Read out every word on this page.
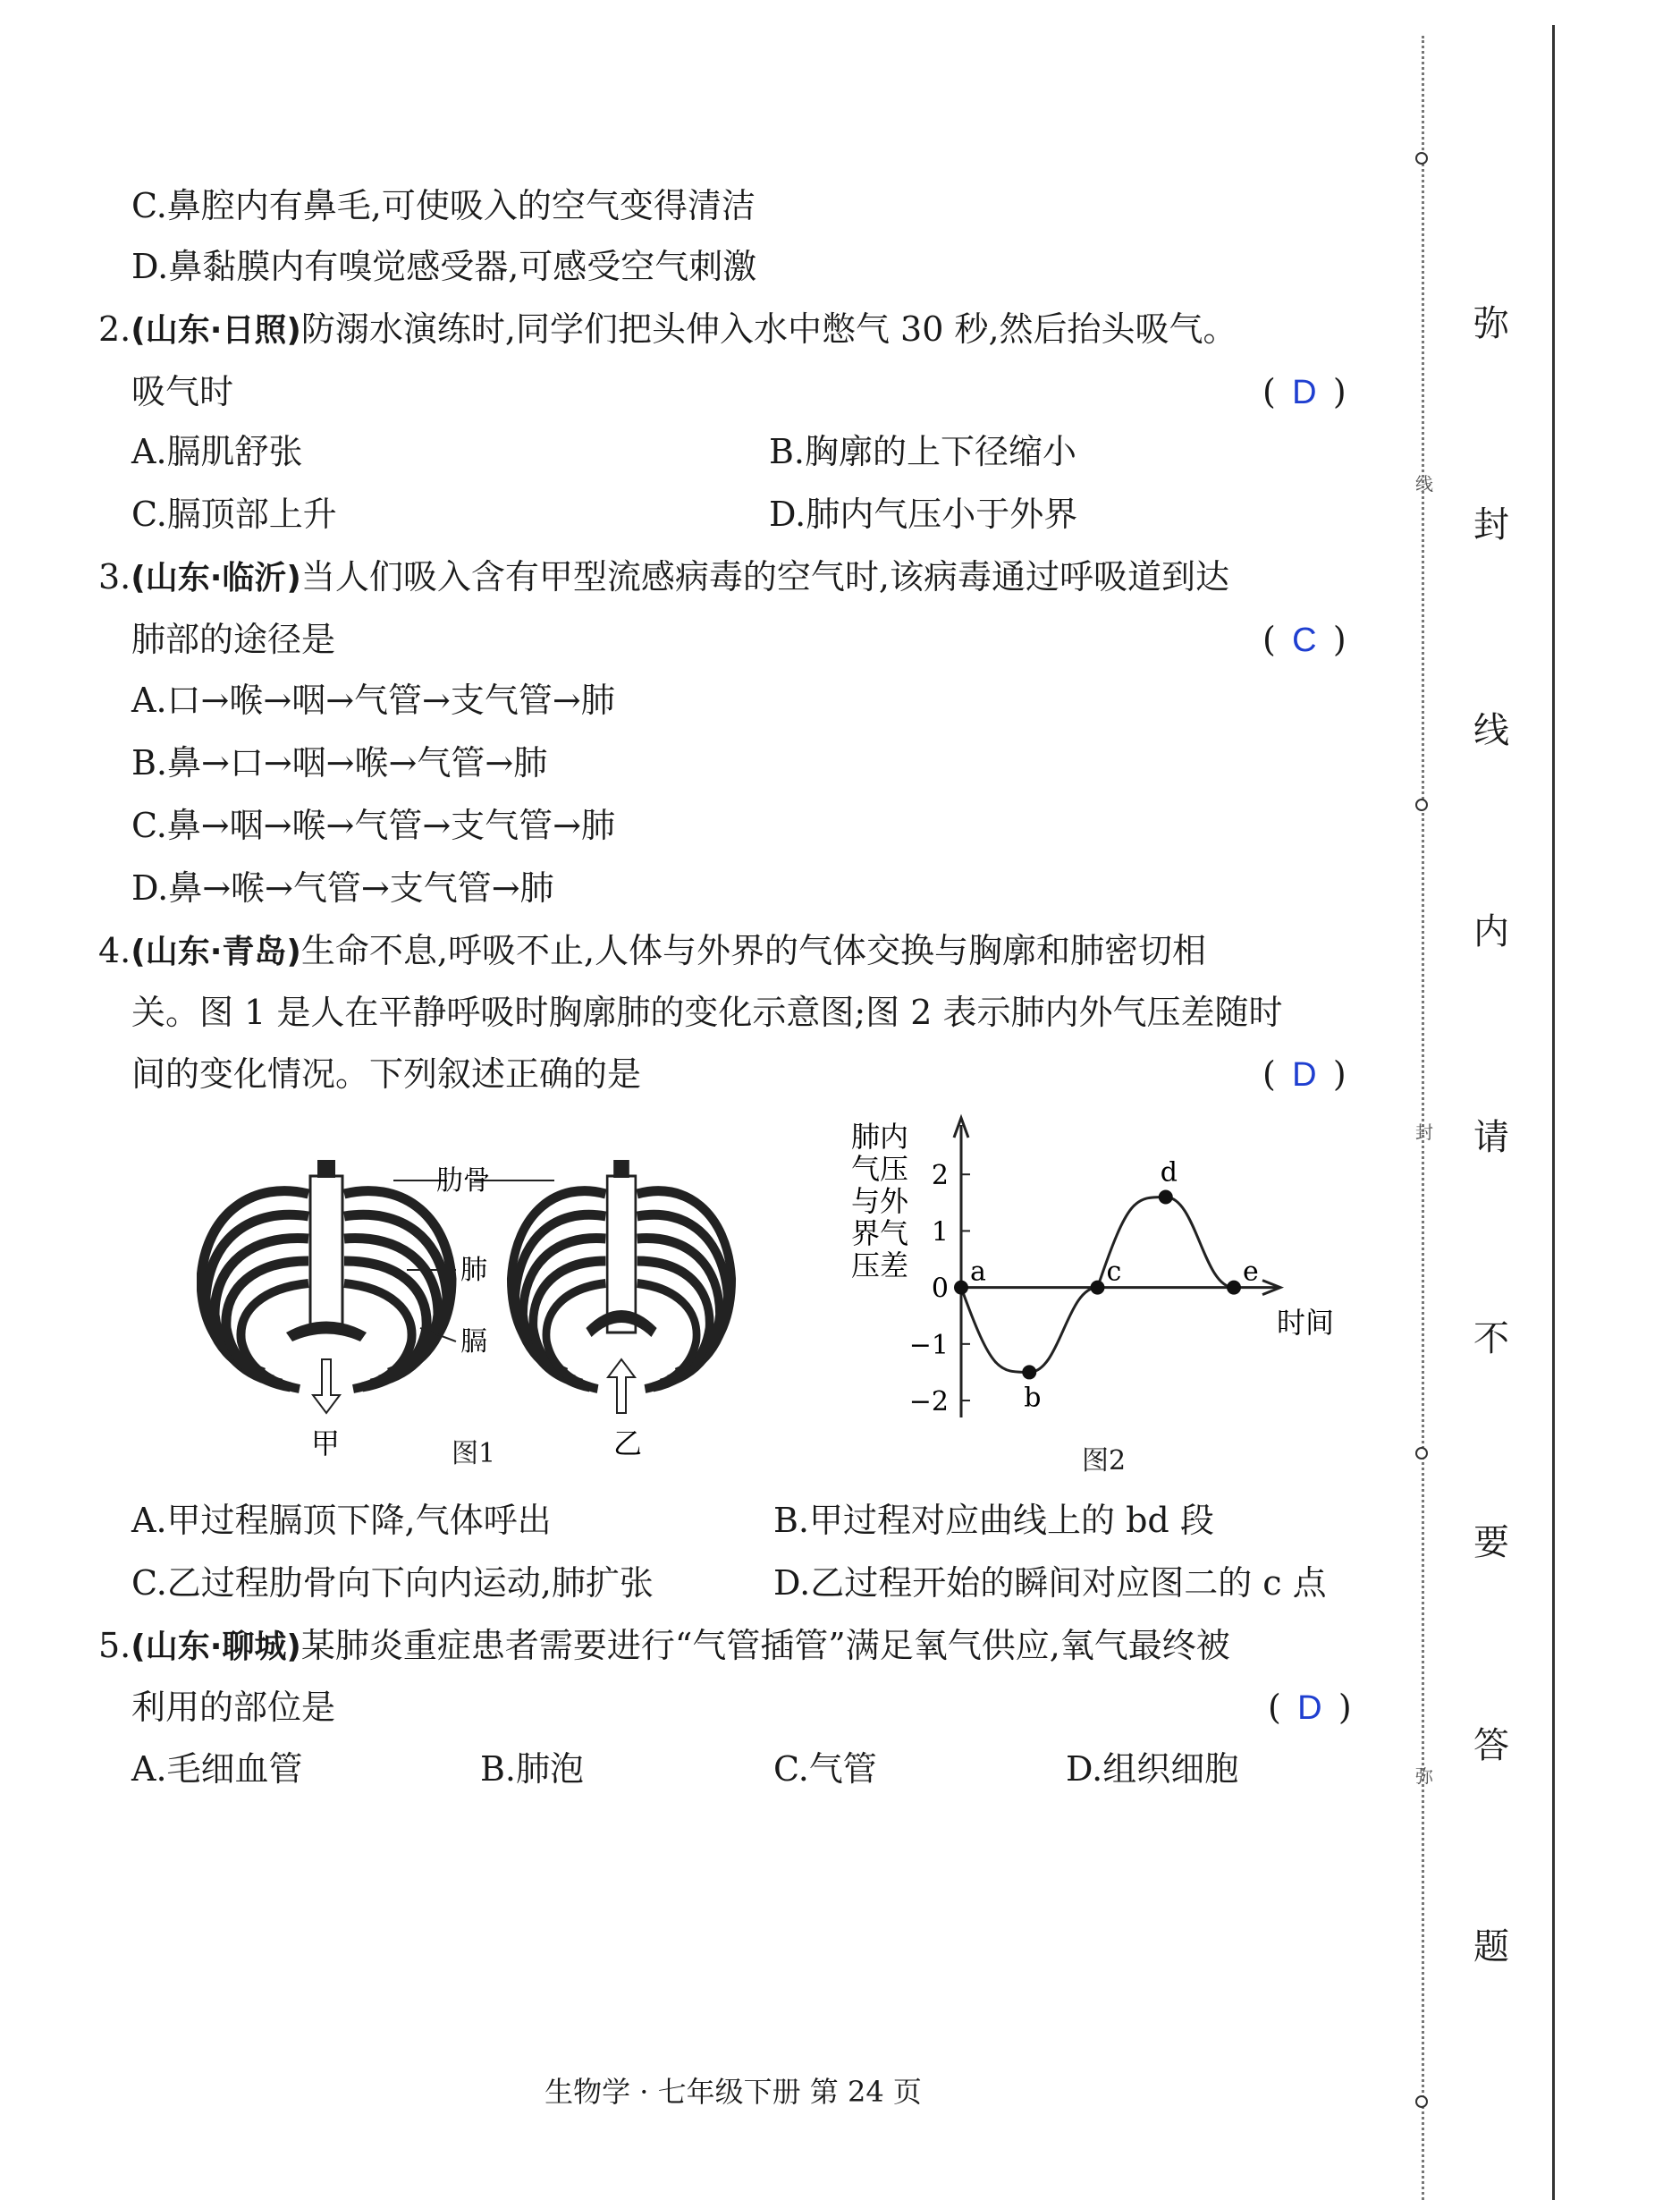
线
封
弥
弥
封
线
内
请
不
要
答
题
C.鼻腔内有鼻毛,可使吸入的空气变得清洁
D.鼻黏膜内有嗅觉感受器,可感受空气刺激
2.(山东·日照)防溺水演练时,同学们把头伸入水中憋气 30 秒,然后抬头吸气。
吸气时	( D )
A.膈肌舒张	B.胸廓的上下径缩小
C.膈顶部上升	D.肺内气压小于外界
3.(山东·临沂)当人们吸入含有甲型流感病毒的空气时,该病毒通过呼吸道到达
肺部的途径是	( C )
A.口→喉→咽→气管→支气管→肺
B.鼻→口→咽→喉→气管→肺
C.鼻→咽→喉→气管→支气管→肺
D.鼻→喉→气管→支气管→肺
4.(山东·青岛)生命不息,呼吸不止,人体与外界的气体交换与胸廓和肺密切相
关。图 1 是人在平静呼吸时胸廓肺的变化示意图;图 2 表示肺内外气压差随时
间的变化情况。下列叙述正确的是	( D )
肋骨
肺
膈
甲	乙
图1
肺内
气压
与外
界气
压差
2
1
0
−1
−2
a
b
c
d
e
时间
图2
A.甲过程膈顶下降,气体呼出	B.甲过程对应曲线上的 bd 段
C.乙过程肋骨向下向内运动,肺扩张	D.乙过程开始的瞬间对应图二的 c 点
5.(山东·聊城)某肺炎重症患者需要进行“气管插管”满足氧气供应,氧气最终被
利用的部位是	( D )
A.毛细血管	B.肺泡	C.气管	D.组织细胞
生物学 · 七年级下册 第 24 页
